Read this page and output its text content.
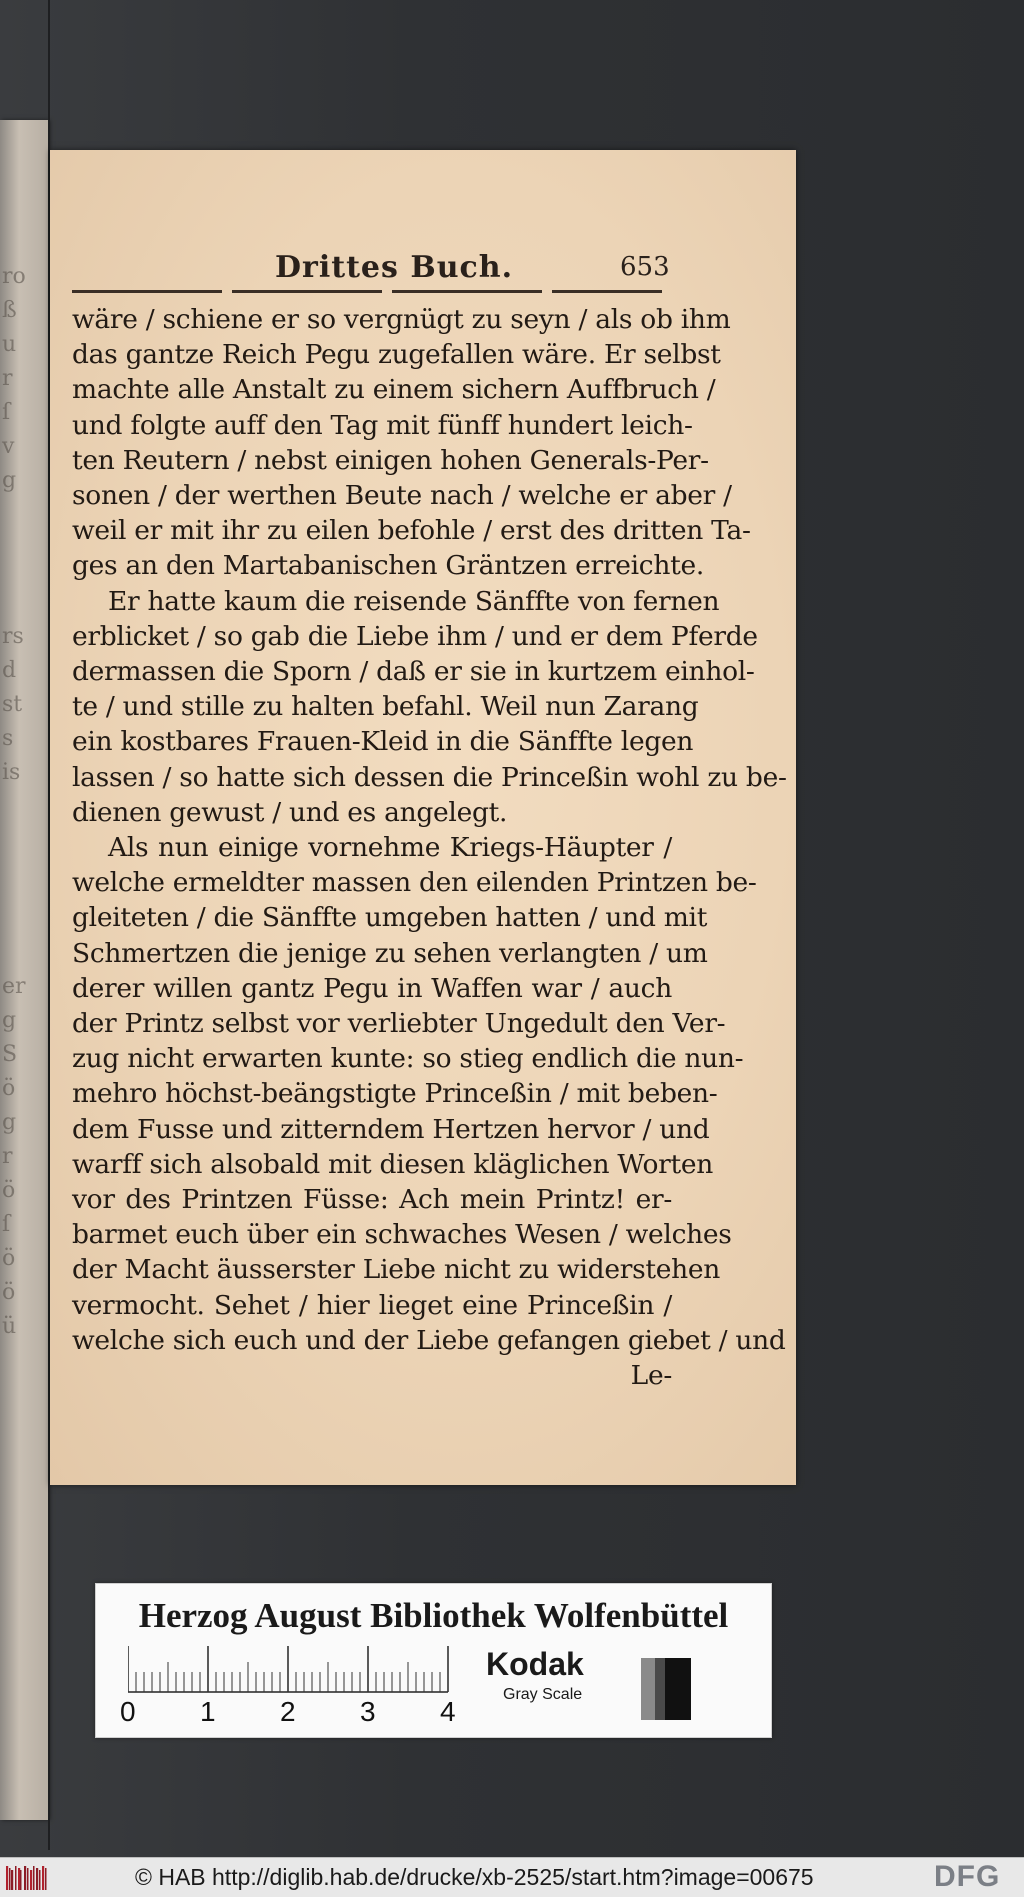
ro
ß
u
r
ſ
v
g
rs
d
st
s
is
er
g
S
ö
g
r
ö
ſ
ö
ö
ü
Drittes Buch.	653
wäre / schiene er so vergnügt zu seyn / als ob ihm
das gantze Reich Pegu zugefallen wäre. Er selbst
machte alle Anstalt zu einem sichern Auffbruch /
und folgte auff den Tag mit fünff hundert leich-
ten Reutern / nebst einigen hohen Generals-Per-
sonen / der werthen Beute nach / welche er aber /
weil er mit ihr zu eilen befohle / erst des dritten Ta-
ges an den Martabanischen Gräntzen erreichte.
Er hatte kaum die reisende Sänffte von fernen
erblicket / so gab die Liebe ihm / und er dem Pferde
dermassen die Sporn / daß er sie in kurtzem einhol-
te / und stille zu halten befahl. Weil nun Zarang
ein kostbares Frauen-Kleid in die Sänffte legen
lassen / so hatte sich dessen die Princeßin wohl zu be-
dienen gewust / und es angelegt.
Als nun einige vornehme Kriegs-Häupter /
welche ermeldter massen den eilenden Printzen be-
gleiteten / die Sänffte umgeben hatten / und mit
Schmertzen die jenige zu sehen verlangten / um
derer willen gantz Pegu in Waffen war / auch
der Printz selbst vor verliebter Ungedult den Ver-
zug nicht erwarten kunte: so stieg endlich die nun-
mehro höchst-beängstigte Princeßin / mit beben-
dem Fusse und zitterndem Hertzen hervor / und
warff sich alsobald mit diesen kläglichen Worten
vor des Printzen Füsse: Ach mein Printz! er-
barmet euch über ein schwaches Wesen / welches
der Macht äusserster Liebe nicht zu widerstehen
vermocht. Sehet / hier lieget eine Princeßin /
welche sich euch und der Liebe gefangen giebet / und
Le-
Herzog August Bibliothek Wolfenbüttel
0 1 2 3 4
Kodak
Gray Scale
© HAB http://diglib.hab.de/drucke/xb-2525/start.htm?image=00675	DFG
